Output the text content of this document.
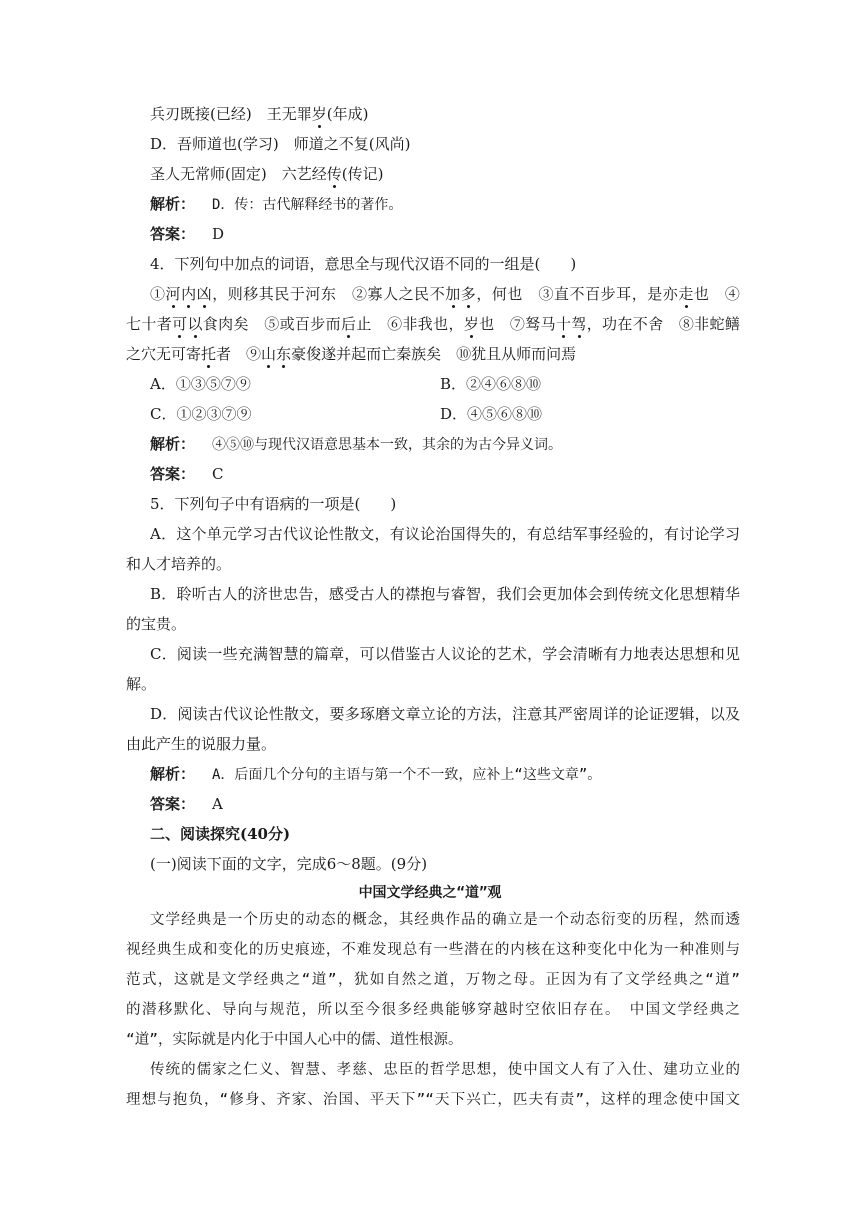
兵刃既接(已经)　王无罪岁(年成)
D．吾师道也(学习)　师道之不复(风尚)
圣人无常师(固定)　六艺经传(传记)
解析： D．传：古代解释经书的著作。
答案： D
4．下列句中加点的词语，意思全与现代汉语不同的一组是(　　)
①河内凶，则移其民于河东　②寡人之民不加多，何也　③直不百步耳，是亦走也　④
七十者可以食肉矣　⑤或百步而后止　⑥非我也，岁也　⑦驽马十驾，功在不舍　⑧非蛇鳝
之穴无可寄托者　⑨山东豪俊遂并起而亡秦族矣　⑩犹且从师而问焉
A．①③⑤⑦⑨	B．②④⑥⑧⑩
C．①②③⑦⑨	D．④⑤⑥⑧⑩
解析： ④⑤⑩与现代汉语意思基本一致，其余的为古今异义词。
答案： C
5．下列句子中有语病的一项是(　　)
A．这个单元学习古代议论性散文，有议论治国得失的，有总结军事经验的，有讨论学习
和人才培养的。
B．聆听古人的济世忠告，感受古人的襟抱与睿智，我们会更加体会到传统文化思想精华
的宝贵。
C．阅读一些充满智慧的篇章，可以借鉴古人议论的艺术，学会清晰有力地表达思想和见
解。
D．阅读古代议论性散文，要多琢磨文章立论的方法，注意其严密周详的论证逻辑，以及
由此产生的说服力量。
解析： A．后面几个分句的主语与第一个不一致，应补上“这些文章”。
答案： A
二、阅读探究(40分)
(一)阅读下面的文字，完成6～8题。(9分)
中国文学经典之“道”观
文学经典是一个历史的动态的概念，其经典作品的确立是一个动态衍变的历程，然而透
视经典生成和变化的历史痕迹，不难发现总有一些潜在的内核在这种变化中化为一种准则与
范式，这就是文学经典之“道”，犹如自然之道，万物之母。正因为有了文学经典之“道”
的潜移默化、导向与规范，所以至今很多经典能够穿越时空依旧存在。　中国文学经典之
“道”，实际就是内化于中国人心中的儒、道性根源。
传统的儒家之仁义、智慧、孝慈、忠臣的哲学思想，使中国文人有了入仕、建功立业的
理想与抱负，“修身、齐家、治国、平天下”“天下兴亡，匹夫有责”，这样的理念使中国文
